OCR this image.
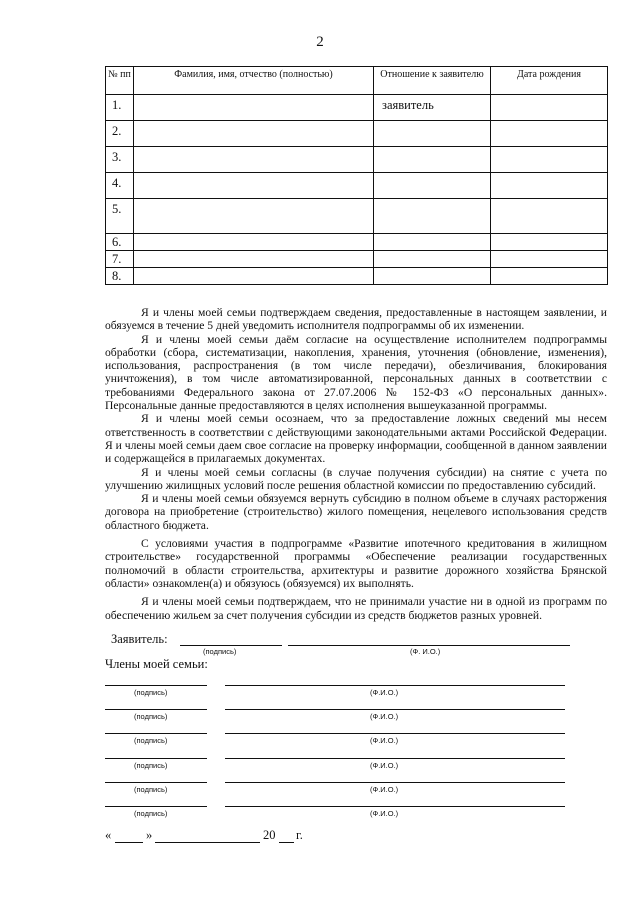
2
№ пп	Фамилия, имя, отчество (полностью)	Отношение к заявителю	Дата рождения
1.		заявитель	
2.			
3.			
4.			
5.			
6.			
7.			
8.			

Я и члены моей семьи подтверждаем сведения, предоставленные в настоящем заявлении, и обязуемся в течение 5 дней уведомить исполнителя подпрограммы об их изменении.

Я и члены моей семьи даём согласие на осуществление исполнителем подпрограммы обработки (сбора, систематизации, накопления, хранения, уточнения (обновление, изменения), использования, распространения (в том числе передачи), обезличивания, блокирования уничтожения), в том числе автоматизированной, персональных данных в соответствии с требованиями Федерального закона от 27.07.2006 № 152-ФЗ «О персональных данных». Персональные данные предоставляются в целях исполнения вышеуказанной программы.

Я и члены моей семьи осознаем, что за предоставление ложных сведений мы несем ответственность в соответствии с действующими законодательными актами Российской Федерации. Я и члены моей семьи даем свое согласие на проверку информации, сообщенной в данном заявлении и содержащейся в прилагаемых документах.

Я и члены моей семьи согласны (в случае получения субсидии) на снятие с учета по улучшению жилищных условий после решения областной комиссии по предоставлению субсидий.

Я и члены моей семьи обязуемся вернуть субсидию в полном объеме в случаях расторжения договора на приобретение (строительство) жилого помещения, нецелевого использования средств областного бюджета.

С условиями участия в подпрограмме «Развитие ипотечного кредитования в жилищном строительстве» государственной программы «Обеспечение реализации государственных полномочий в области строительства, архитектуры и развитие дорожного хозяйства Брянской области» ознакомлен(а) и обязуюсь (обязуемся) их выполнять.

Я и члены моей семьи подтверждаем, что не принимали участие ни в одной из программ по обеспечению жильем за счет получения субсидии из средств бюджетов разных уровней.

Заявитель:
(подпись)	(Ф. И.О.)
Члены моей семьи:
(подпись)	(Ф.И.О.)
(подпись)	(Ф.И.О.)
(подпись)	(Ф.И.О.)
(подпись)	(Ф.И.О.)
(подпись)	(Ф.И.О.)
(подпись)	(Ф.И.О.)
«	»	20 г.
